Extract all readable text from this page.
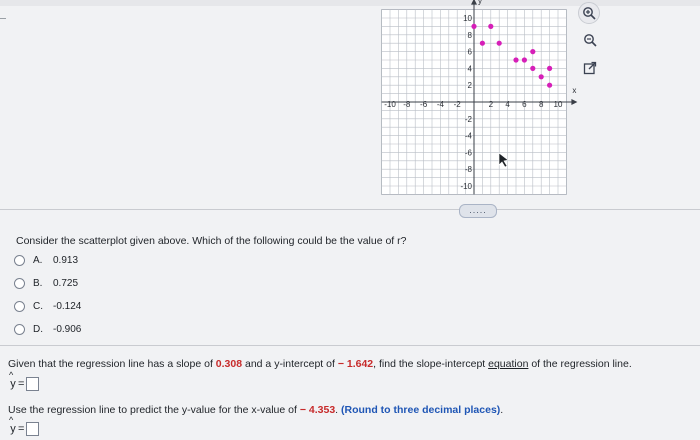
-10 -8 -6 -4 -2	2 4 6 8 10
10
8
6
4
2
-2
-4
-6
-8
-10
x
y
.....
Consider the scatterplot given above. Which of the following could be the value of r?
A.	0.913
B.	0.725
C.	-0.124
D.	-0.906
Given that the regression line has a slope of 0.308 and a y-intercept of − 1.642, find the slope-intercept equation of the regression line.
^
y =
Use the regression line to predict the y-value for the x-value of − 4.353. (Round to three decimal places).
^
y =
